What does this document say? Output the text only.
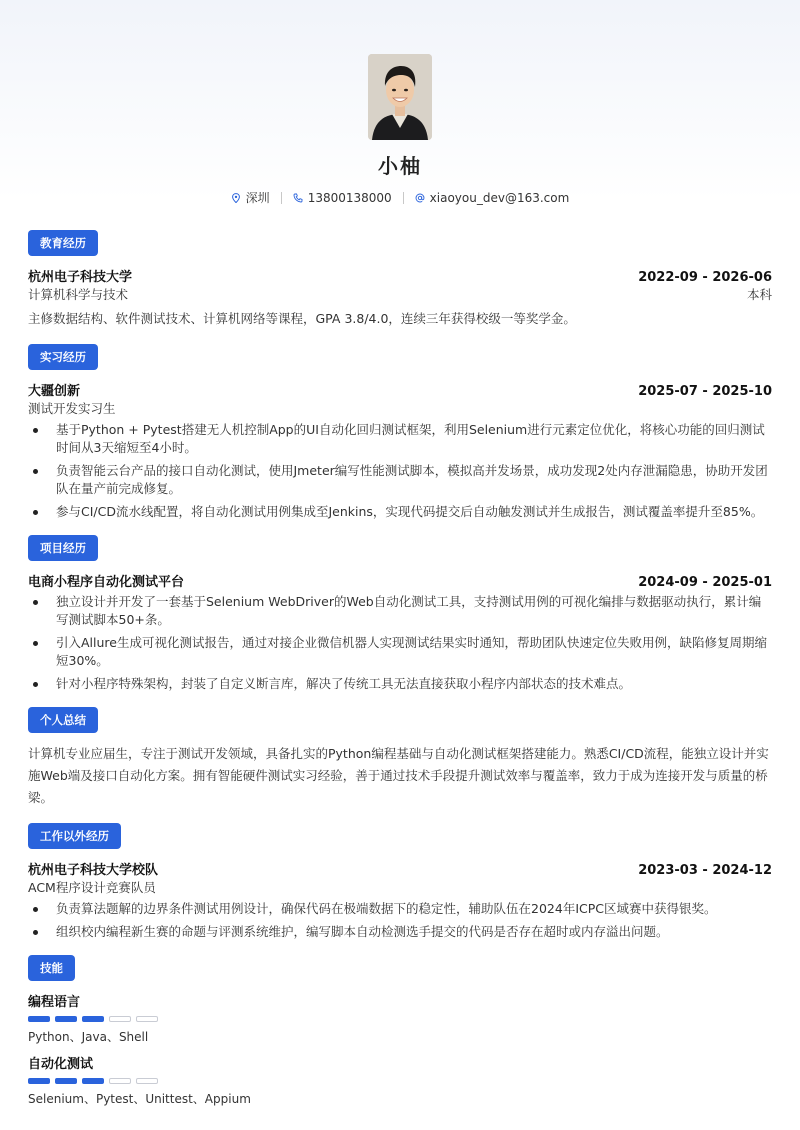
小柚
深圳	13800138000	xiaoyou_dev@163.com
教育经历
杭州电子科技大学	2022-09 - 2026-06
计算机科学与技术	本科
主修数据结构、软件测试技术、计算机网络等课程，GPA 3.8/4.0，连续三年获得校级一等奖学金。
实习经历
大疆创新	2025-07 - 2025-10
测试开发实习生
基于Python + Pytest搭建无人机控制App的UI自动化回归测试框架，利用Selenium进行元素定位优化，将核心功能的回归测试时间从3天缩短至4小时。
负责智能云台产品的接口自动化测试，使用Jmeter编写性能测试脚本，模拟高并发场景，成功发现2处内存泄漏隐患，协助开发团队在量产前完成修复。
参与CI/CD流水线配置，将自动化测试用例集成至Jenkins，实现代码提交后自动触发测试并生成报告，测试覆盖率提升至85%。
项目经历
电商小程序自动化测试平台	2024-09 - 2025-01
独立设计并开发了一套基于Selenium WebDriver的Web自动化测试工具，支持测试用例的可视化编排与数据驱动执行，累计编写测试脚本50+条。
引入Allure生成可视化测试报告，通过对接企业微信机器人实现测试结果实时通知，帮助团队快速定位失败用例，缺陷修复周期缩短30%。
针对小程序特殊架构，封装了自定义断言库，解决了传统工具无法直接获取小程序内部状态的技术难点。
个人总结
计算机专业应届生，专注于测试开发领域，具备扎实的Python编程基础与自动化测试框架搭建能力。熟悉CI/CD流程，能独立设计并实施Web端及接口自动化方案。拥有智能硬件测试实习经验，善于通过技术手段提升测试效率与覆盖率，致力于成为连接开发与质量的桥梁。
工作以外经历
杭州电子科技大学校队	2023-03 - 2024-12
ACM程序设计竞赛队员
负责算法题解的边界条件测试用例设计，确保代码在极端数据下的稳定性，辅助队伍在2024年ICPC区域赛中获得银奖。
组织校内编程新生赛的命题与评测系统维护，编写脚本自动检测选手提交的代码是否存在超时或内存溢出问题。
技能
编程语言
Python、Java、Shell
自动化测试
Selenium、Pytest、Unittest、Appium
